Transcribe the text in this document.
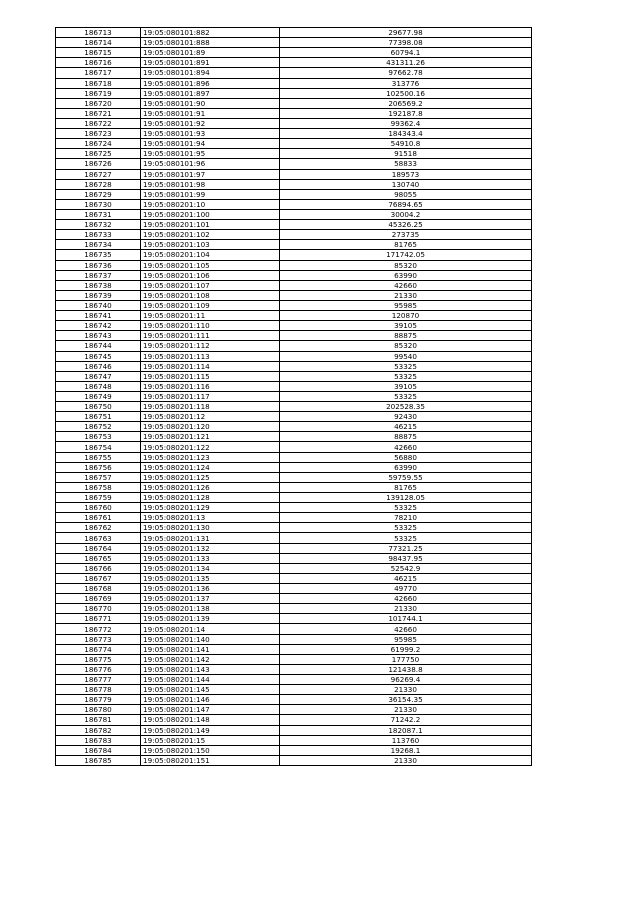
186713	19:05:080101:882	29677.98
186714	19:05:080101:888	77398.08
186715	19:05:080101:89	60794.1
186716	19:05:080101:891	431311.26
186717	19:05:080101:894	97662.78
186718	19:05:080101:896	313776
186719	19:05:080101:897	102500.16
186720	19:05:080101:90	206569.2
186721	19:05:080101:91	192187.8
186722	19:05:080101:92	99362.4
186723	19:05:080101:93	184343.4
186724	19:05:080101:94	54910.8
186725	19:05:080101:95	91518
186726	19:05:080101:96	58833
186727	19:05:080101:97	189573
186728	19:05:080101:98	130740
186729	19:05:080101:99	98055
186730	19:05:080201:10	76894.65
186731	19:05:080201:100	30004.2
186732	19:05:080201:101	45326.25
186733	19:05:080201:102	273735
186734	19:05:080201:103	81765
186735	19:05:080201:104	171742.05
186736	19:05:080201:105	85320
186737	19:05:080201:106	63990
186738	19:05:080201:107	42660
186739	19:05:080201:108	21330
186740	19:05:080201:109	95985
186741	19:05:080201:11	120870
186742	19:05:080201:110	39105
186743	19:05:080201:111	88875
186744	19:05:080201:112	85320
186745	19:05:080201:113	99540
186746	19:05:080201:114	53325
186747	19:05:080201:115	53325
186748	19:05:080201:116	39105
186749	19:05:080201:117	53325
186750	19:05:080201:118	202528.35
186751	19:05:080201:12	92430
186752	19:05:080201:120	46215
186753	19:05:080201:121	88875
186754	19:05:080201:122	42660
186755	19:05:080201:123	56880
186756	19:05:080201:124	63990
186757	19:05:080201:125	59759.55
186758	19:05:080201:126	81765
186759	19:05:080201:128	139128.05
186760	19:05:080201:129	53325
186761	19:05:080201:13	78210
186762	19:05:080201:130	53325
186763	19:05:080201:131	53325
186764	19:05:080201:132	77321.25
186765	19:05:080201:133	98437.95
186766	19:05:080201:134	52542.9
186767	19:05:080201:135	46215
186768	19:05:080201:136	49770
186769	19:05:080201:137	42660
186770	19:05:080201:138	21330
186771	19:05:080201:139	101744.1
186772	19:05:080201:14	42660
186773	19:05:080201:140	95985
186774	19:05:080201:141	61999.2
186775	19:05:080201:142	177750
186776	19:05:080201:143	121438.8
186777	19:05:080201:144	96269.4
186778	19:05:080201:145	21330
186779	19:05:080201:146	36154.35
186780	19:05:080201:147	21330
186781	19:05:080201:148	71242.2
186782	19:05:080201:149	182087.1
186783	19:05:080201:15	113760
186784	19:05:080201:150	19268.1
186785	19:05:080201:151	21330
